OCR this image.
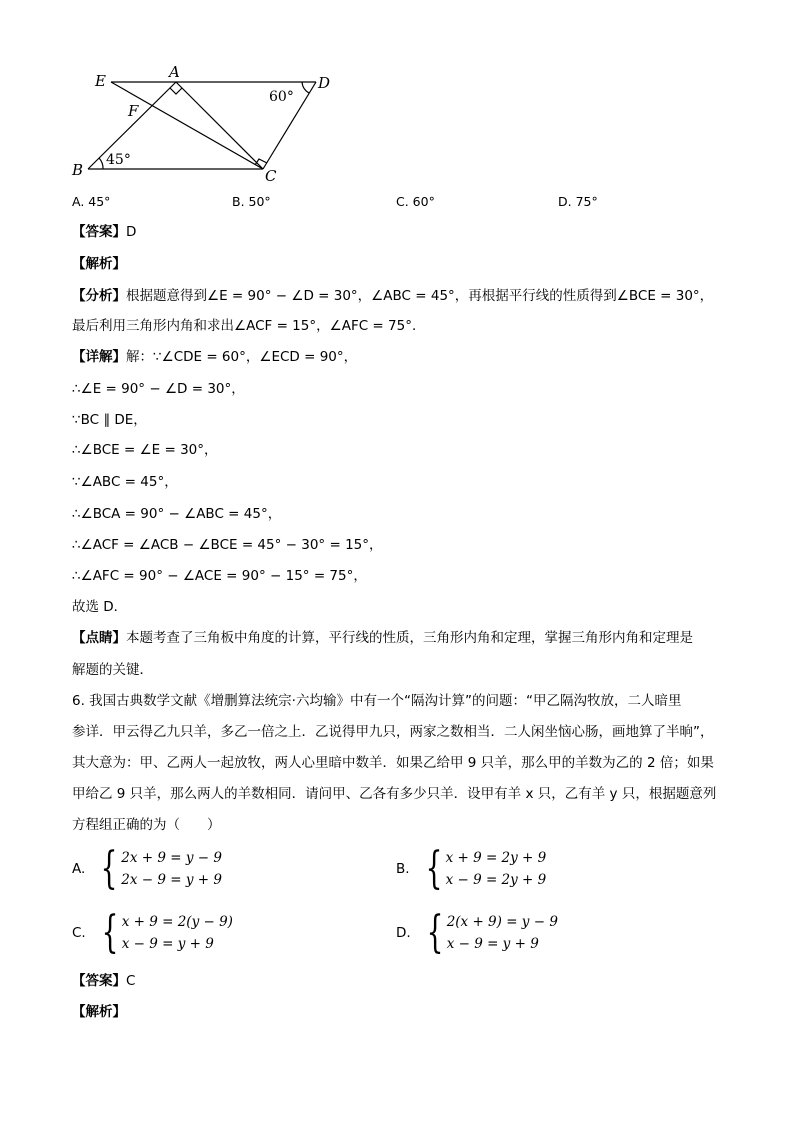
E	A
D
F
B	C
60°
45°
A. 45°	B. 50°	C. 60°	D. 75°
【答案】D
【解析】
【分析】根据题意得到∠E = 90° − ∠D = 30°，∠ABC = 45°，再根据平行线的性质得到∠BCE = 30°，
最后利用三角形内角和求出∠ACF = 15°，∠AFC = 75°．
【详解】解：∵∠CDE = 60°，∠ECD = 90°，
∴∠E = 90° − ∠D = 30°，
∵BC ∥ DE，
∴∠BCE = ∠E = 30°，
∵∠ABC = 45°，
∴∠BCA = 90° − ∠ABC = 45°，
∴∠ACF = ∠ACB − ∠BCE = 45° − 30° = 15°，
∴∠AFC = 90° − ∠ACE = 90° − 15° = 75°，
故选 D．
【点睛】本题考查了三角板中角度的计算，平行线的性质，三角形内角和定理，掌握三角形内角和定理是
解题的关键．
6. 我国古典数学文献《增删算法统宗·六均输》中有一个“隔沟计算”的问题：“甲乙隔沟牧放，二人暗里
参详．甲云得乙九只羊，多乙一倍之上．乙说得甲九只，两家之数相当．二人闲坐恼心肠，画地算了半晌”，
其大意为：甲、乙两人一起放牧，两人心里暗中数羊．如果乙给甲 9 只羊，那么甲的羊数为乙的 2 倍；如果
甲给乙 9 只羊，那么两人的羊数相同．请问甲、乙各有多少只羊．设甲有羊 x 只，乙有羊 y 只，根据题意列
方程组正确的为（　　）
A. { 2x + 9 = y − 9
2x − 9 = y + 9
B. { x + 9 = 2y + 9
x − 9 = 2y + 9
C. { x + 9 = 2(y − 9)
x − 9 = y + 9
D. { 2(x + 9) = y − 9
x − 9 = y + 9
【答案】C
【解析】
